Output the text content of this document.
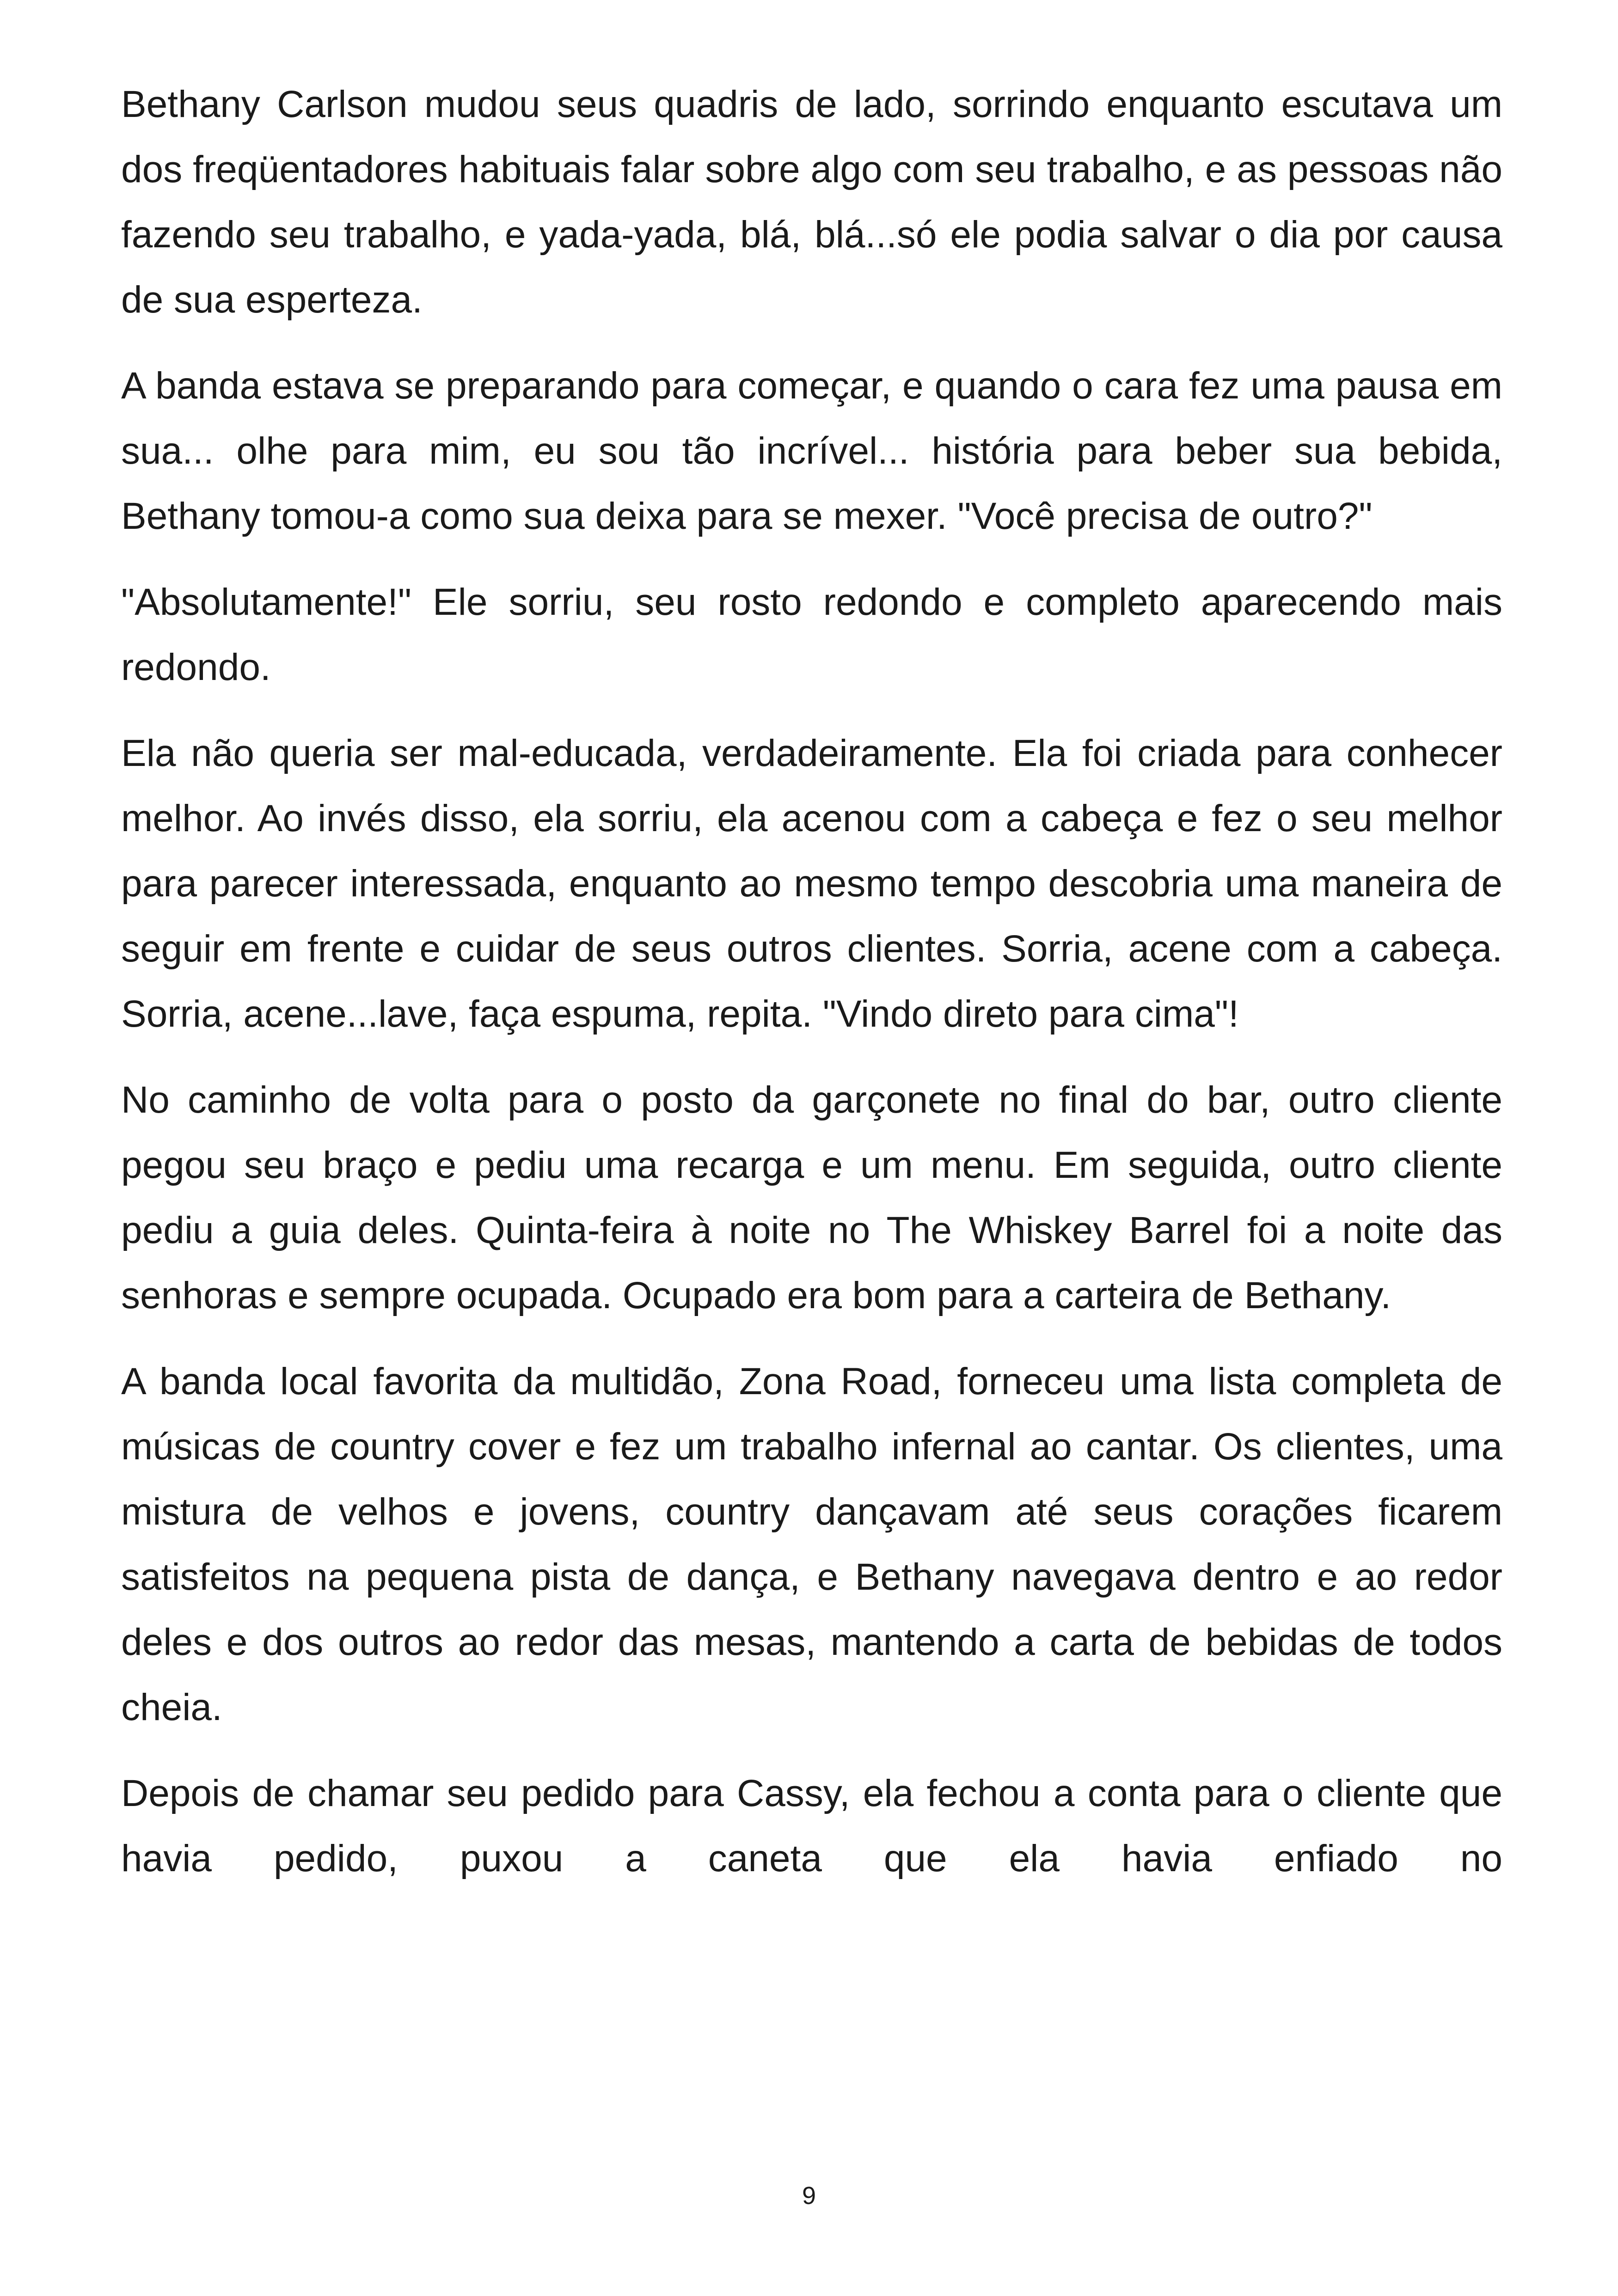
Bethany Carlson mudou seus quadris de lado, sorrindo enquanto escutava um dos freqüentadores habituais falar sobre algo com seu trabalho, e as pessoas não fazendo seu trabalho, e yada-yada, blá, blá...só ele podia salvar o dia por causa de sua esperteza.

A banda estava se preparando para começar, e quando o cara fez uma pausa em sua... olhe para mim, eu sou tão incrível... história para beber sua bebida, Bethany tomou-a como sua deixa para se mexer. "Você precisa de outro?"

"Absolutamente!" Ele sorriu, seu rosto redondo e completo aparecendo mais redondo.

Ela não queria ser mal-educada, verdadeiramente. Ela foi criada para conhecer melhor. Ao invés disso, ela sorriu, ela acenou com a cabeça e fez o seu melhor para parecer interessada, enquanto ao mesmo tempo descobria uma maneira de seguir em frente e cuidar de seus outros clientes. Sorria, acene com a cabeça. Sorria, acene...lave, faça espuma, repita. "Vindo direto para cima"!

No caminho de volta para o posto da garçonete no final do bar, outro cliente pegou seu braço e pediu uma recarga e um menu. Em seguida, outro cliente pediu a guia deles. Quinta-feira à noite no The Whiskey Barrel foi a noite das senhoras e sempre ocupada. Ocupado era bom para a carteira de Bethany.

A banda local favorita da multidão, Zona Road, forneceu uma lista completa de músicas de country cover e fez um trabalho infernal ao cantar. Os clientes, uma mistura de velhos e jovens, country dançavam até seus corações ficarem satisfeitos na pequena pista de dança, e Bethany navegava dentro e ao redor deles e dos outros ao redor das mesas, mantendo a carta de bebidas de todos cheia.

Depois de chamar seu pedido para Cassy, ela fechou a conta para o cliente que havia pedido, puxou a caneta que ela havia enfiado no

9
